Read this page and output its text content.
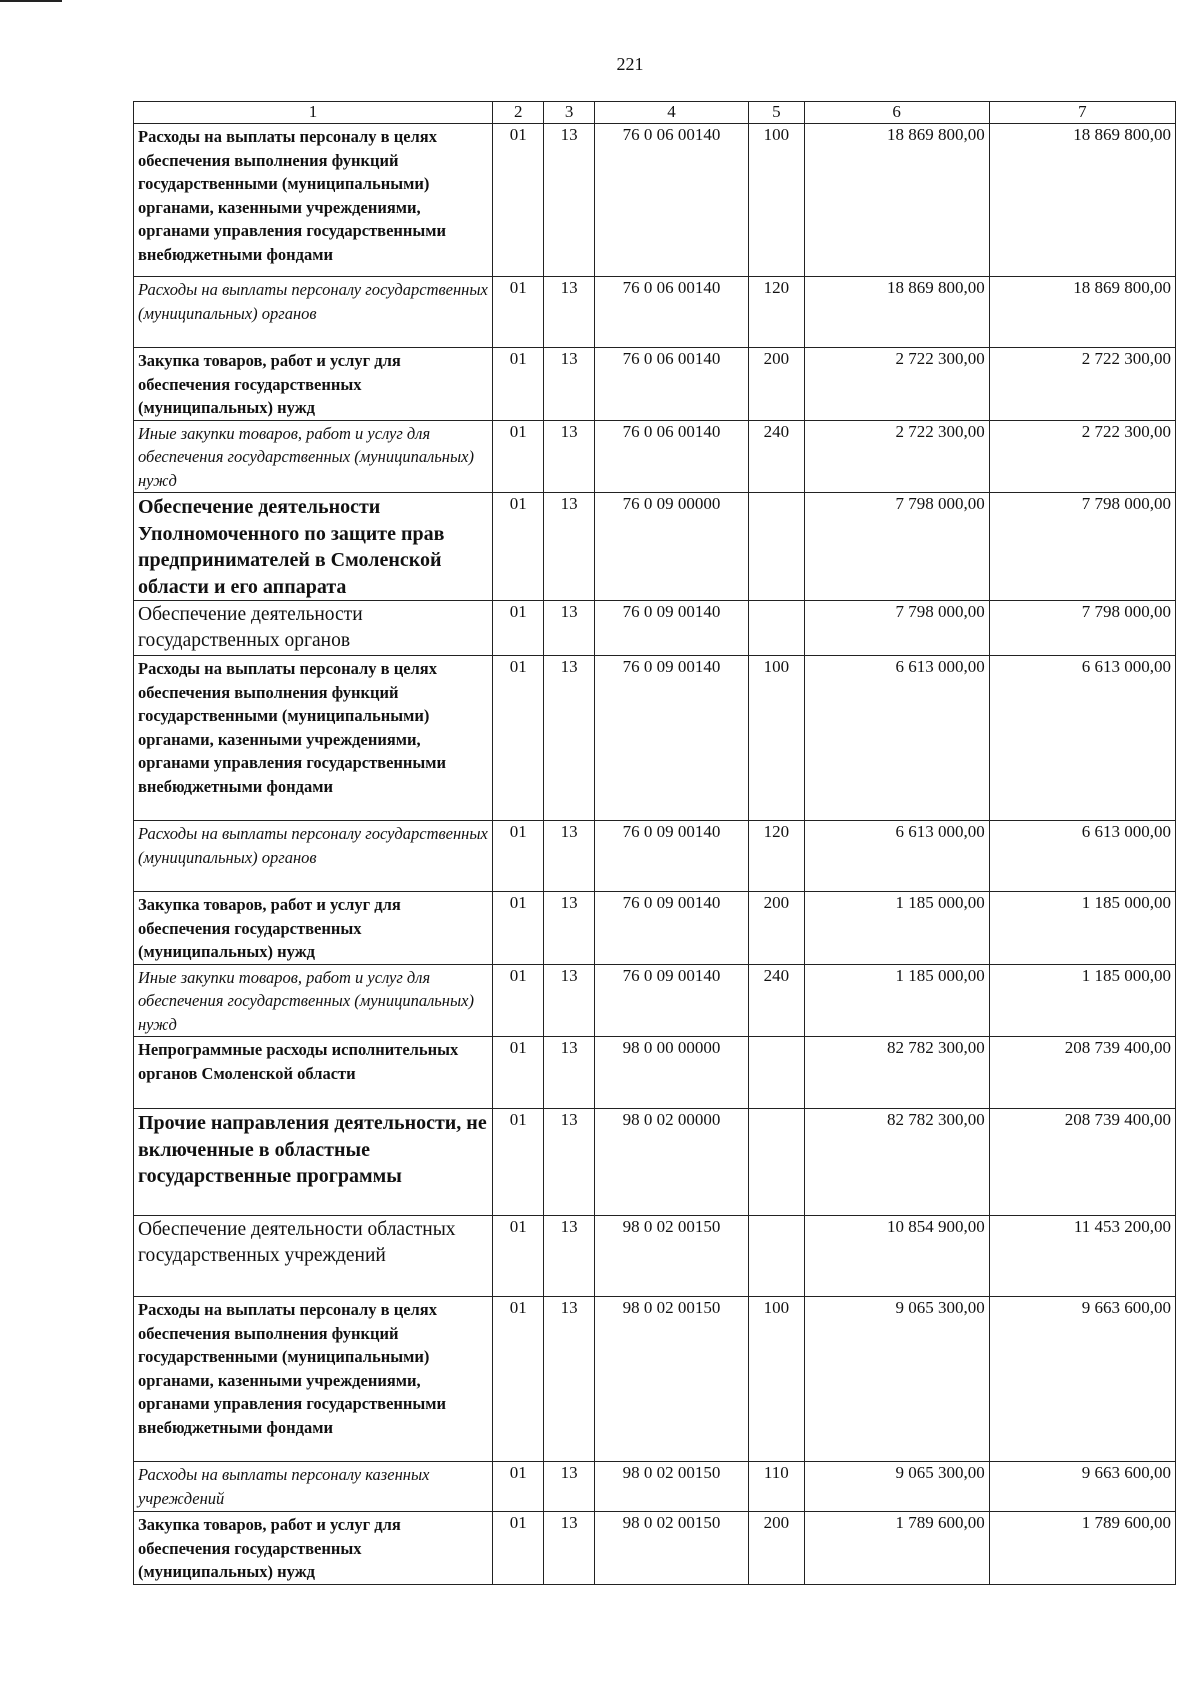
221
1	2	3	4	5	6	7
Расходы на выплаты персоналу в целях обеспечения выполнения функций государственными (муниципальными) органами, казенными учреждениями, органами управления государственными внебюджетными фондами	01	13	76 0 06 00140	100	18 869 800,00	18 869 800,00
Расходы на выплаты персоналу государственных (муниципальных) органов	01	13	76 0 06 00140	120	18 869 800,00	18 869 800,00
Закупка товаров, работ и услуг для обеспечения государственных (муниципальных) нужд	01	13	76 0 06 00140	200	2 722 300,00	2 722 300,00
Иные закупки товаров, работ и услуг для обеспечения государственных (муниципальных) нужд	01	13	76 0 06 00140	240	2 722 300,00	2 722 300,00
Обеспечение деятельности Уполномоченного по защите прав предпринимателей в Смоленской области и его аппарата	01	13	76 0 09 00000		7 798 000,00	7 798 000,00
Обеспечение деятельности государственных органов	01	13	76 0 09 00140		7 798 000,00	7 798 000,00
Расходы на выплаты персоналу в целях обеспечения выполнения функций государственными (муниципальными) органами, казенными учреждениями, органами управления государственными внебюджетными фондами	01	13	76 0 09 00140	100	6 613 000,00	6 613 000,00
Расходы на выплаты персоналу государственных (муниципальных) органов	01	13	76 0 09 00140	120	6 613 000,00	6 613 000,00
Закупка товаров, работ и услуг для обеспечения государственных (муниципальных) нужд	01	13	76 0 09 00140	200	1 185 000,00	1 185 000,00
Иные закупки товаров, работ и услуг для обеспечения государственных (муниципальных) нужд	01	13	76 0 09 00140	240	1 185 000,00	1 185 000,00
Непрограммные расходы исполнительных органов Смоленской области	01	13	98 0 00 00000		82 782 300,00	208 739 400,00
Прочие направления деятельности, не включенные в областные государственные программы	01	13	98 0 02 00000		82 782 300,00	208 739 400,00
Обеспечение деятельности областных государственных учреждений	01	13	98 0 02 00150		10 854 900,00	11 453 200,00
Расходы на выплаты персоналу в целях обеспечения выполнения функций государственными (муниципальными) органами, казенными учреждениями, органами управления государственными внебюджетными фондами	01	13	98 0 02 00150	100	9 065 300,00	9 663 600,00
Расходы на выплаты персоналу казенных учреждений	01	13	98 0 02 00150	110	9 065 300,00	9 663 600,00
Закупка товаров, работ и услуг для обеспечения государственных (муниципальных) нужд	01	13	98 0 02 00150	200	1 789 600,00	1 789 600,00
